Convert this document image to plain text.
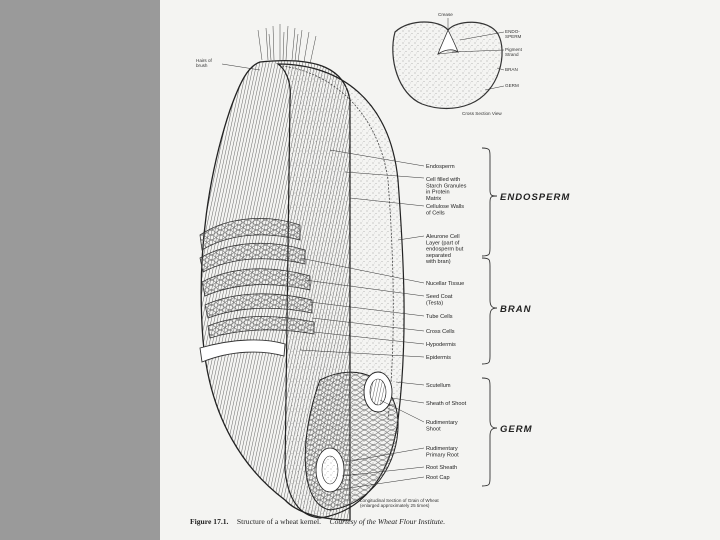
Crease
ENDO-SPERM
Pigment Strand
BRAN
GERM
Cross Section View
Hairs of brush
Endosperm
Cell filled with Starch Granules in Protein Matrix
Cellulose Walls of Cells
Aleurone Cell Layer (part of endosperm but separated with bran)
Nucellar Tissue
Seed Coat (Testa)
Tube Cells
Cross Cells
Hypodermis
Epidermis
Scutellum
Sheath of Shoot
Rudimentary Shoot
Rudimentary Primary Root
Root Sheath
Root Cap
ENDOSPERM
BRAN
GERM
Longitudinal Section of Grain of Wheat (enlarged approximately 25 times)
Figure 17.1. Structure of a wheat kernel. Courtesy of the Wheat Flour Institute.
